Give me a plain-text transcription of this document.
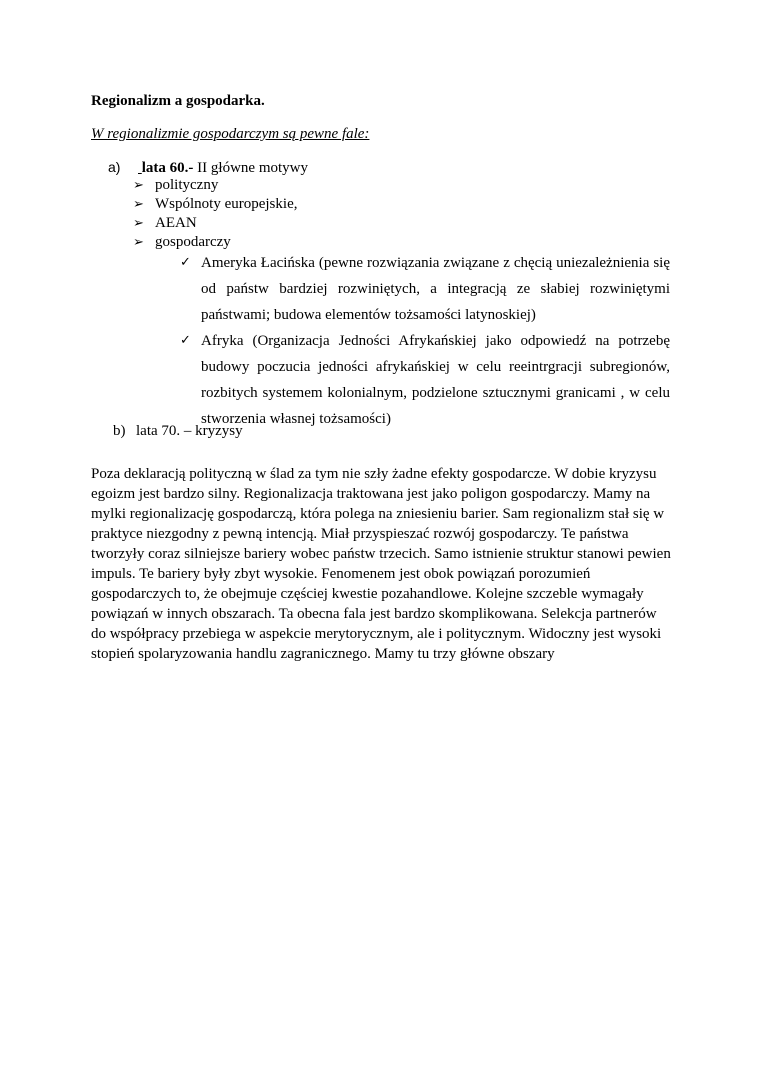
Regionalizm a gospodarka.
W regionalizmie gospodarczym są pewne fale:
a) lata 60.- II główne motywy
➢ polityczny
➢ Wspólnoty europejskie,
➢ AEAN
➢ gospodarczy
✓ Ameryka Łacińska (pewne rozwiązania związane z chęcią uniezależnienia się od państw bardziej rozwiniętych, a integracją ze słabiej rozwiniętymi państwami; budowa elementów tożsamości latynoskiej)
✓ Afryka (Organizacja Jedności Afrykańskiej jako odpowiedź na potrzebę budowy poczucia jedności afrykańskiej w celu reeintrgracji subregionów, rozbitych systemem kolonialnym, podzielone sztucznymi granicami , w celu stworzenia własnej tożsamości)
b) lata 70. – kryzysy

Poza deklaracją polityczną w ślad za tym nie szły żadne efekty gospodarcze. W dobie kryzysu egoizm jest bardzo silny. Regionalizacja traktowana jest jako poligon gospodarczy. Mamy na mylki regionalizację gospodarczą, która polega na zniesieniu barier. Sam regionalizm stał się w praktyce niezgodny z pewną intencją. Miał przyspieszać rozwój gospodarczy. Te państwa tworzyły coraz silniejsze bariery wobec państw trzecich. Samo istnienie struktur stanowi pewien impuls. Te bariery były zbyt wysokie. Fenomenem jest obok powiązań porozumień gospodarczych to, że obejmuje częściej kwestie pozahandlowe. Kolejne szczeble wymagały powiązań w innych obszarach. Ta obecna fala jest bardzo skomplikowana. Selekcja partnerów do współpracy przebiega w aspekcie merytorycznym, ale i politycznym. Widoczny jest wysoki stopień spolaryzowania handlu zagranicznego. Mamy tu trzy główne obszary
